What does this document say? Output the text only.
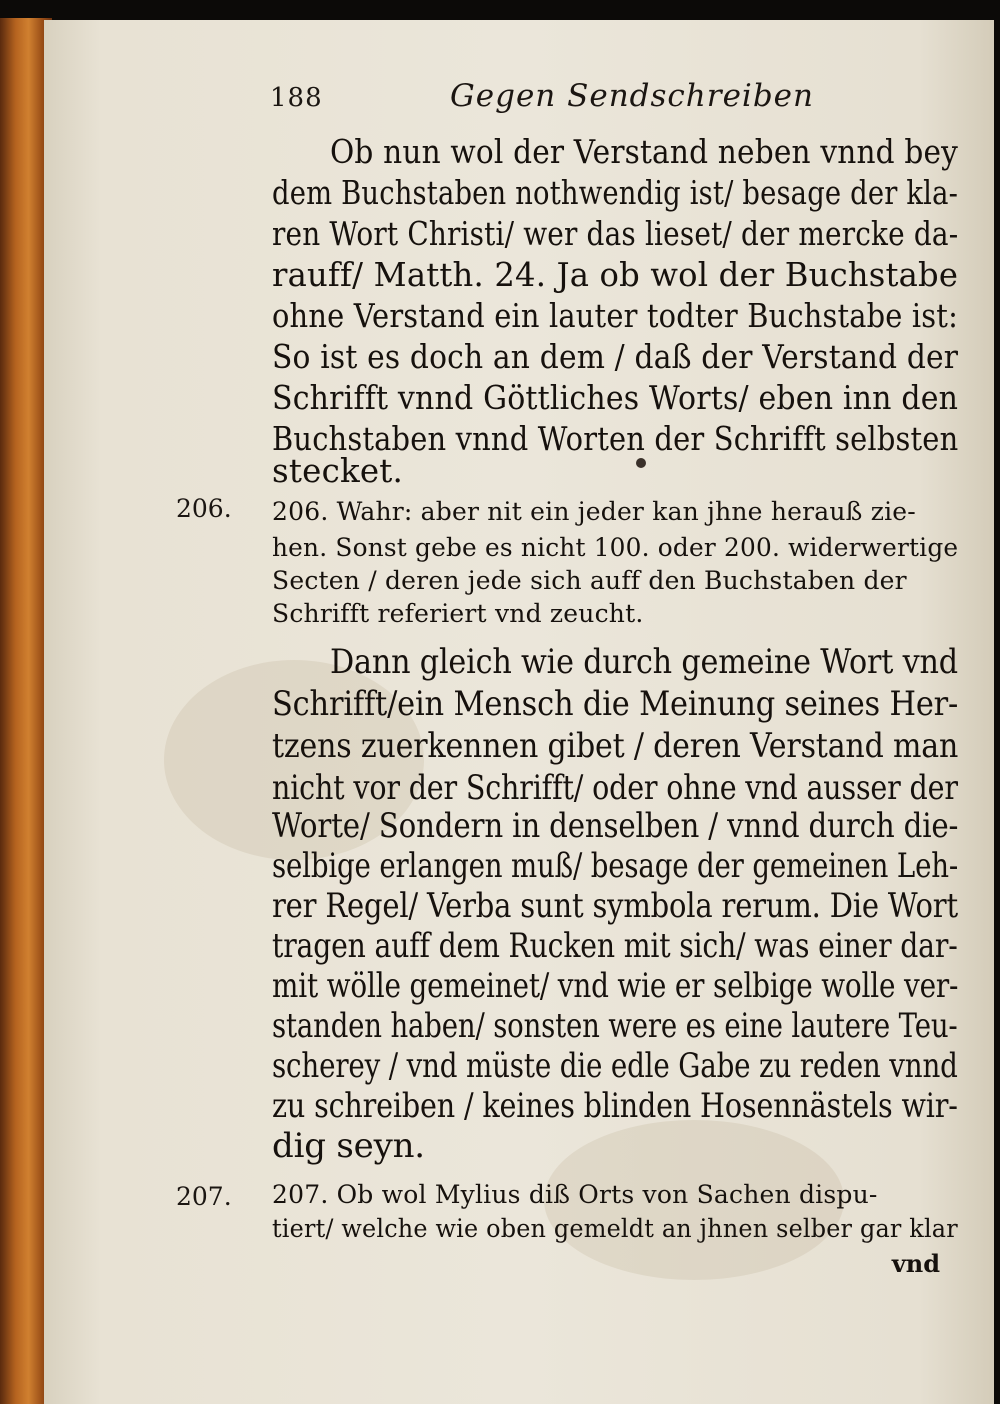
188	Gegen Sendschreiben
206.
207.
Ob nun wol der Verstand neben vnnd bey
dem Buchstaben nothwendig ist/ besage der kla-
ren Wort Christi/ wer das lieset/ der mercke da-
rauff/ Matth. 24. Ja ob wol der Buchstabe
ohne Verstand ein lauter todter Buchstabe ist:
So ist es doch an dem / daß der Verstand der
Schrifft vnnd Göttliches Worts/ eben inn den
Buchstaben vnnd Worten der Schrifft selbsten
stecket.
206. Wahr: aber nit ein jeder kan jhne herauß zie-
hen. Sonst gebe es nicht 100. oder 200. widerwertige
Secten / deren jede sich auff den Buchstaben der
Schrifft referiert vnd zeucht.
Dann gleich wie durch gemeine Wort vnd
Schrifft/ein Mensch die Meinung seines Her-
tzens zuerkennen gibet / deren Verstand man
nicht vor der Schrifft/ oder ohne vnd ausser der
Worte/ Sondern in denselben / vnnd durch die-
selbige erlangen muß/ besage der gemeinen Leh-
rer Regel/ Verba sunt symbola rerum. Die Wort
tragen auff dem Rucken mit sich/ was einer dar-
mit wölle gemeinet/ vnd wie er selbige wolle ver-
standen haben/ sonsten were es eine lautere Teu-
scherey / vnd müste die edle Gabe zu reden vnnd
zu schreiben / keines blinden Hosennästels wir-
dig seyn.
207. Ob wol Mylius diß Orts von Sachen dispu-
tiert/ welche wie oben gemeldt an jhnen selber gar klar
vnd
